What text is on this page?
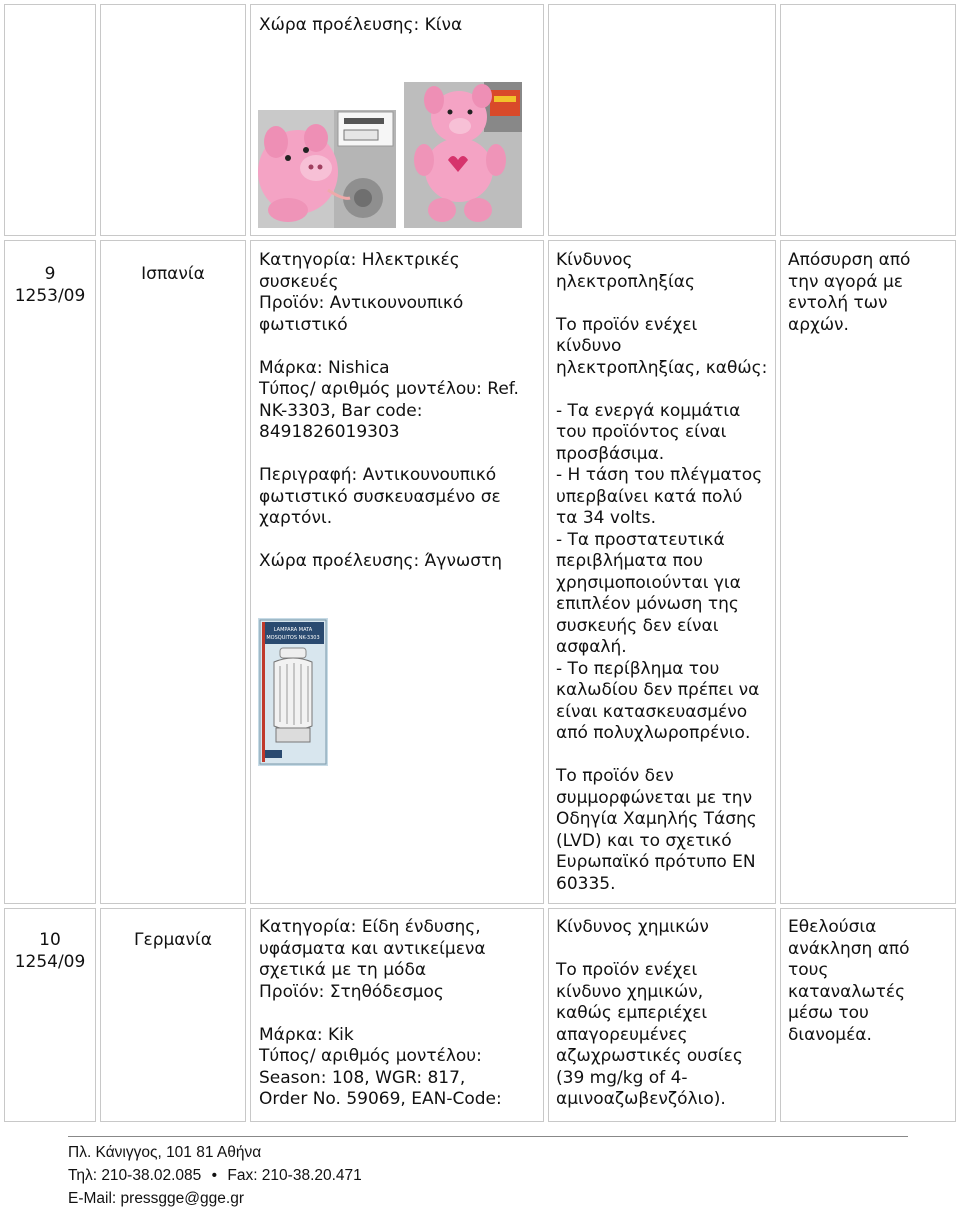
Χώρα προέλευσης: Κίνα
9
1253/09
Ισπανία
Κατηγορία: Ηλεκτρικές
συσκευές
Προϊόν: Αντικουνουπικό
φωτιστικό
Μάρκα: Nishica
Τύπος/ αριθμός μοντέλου: Ref.
NK-3303, Bar code:
8491826019303
Περιγραφή: Αντικουνουπικό
φωτιστικό συσκευασμένο σε
χαρτόνι.
Χώρα προέλευσης: Άγνωστη
LAMPARA MATA
MOSQUITOS NK-3303
Κίνδυνος
ηλεκτροπληξίας
Το προϊόν ενέχει
κίνδυνο
ηλεκτροπληξίας, καθώς:
- Τα ενεργά κομμάτια
του προϊόντος είναι
προσβάσιμα.
- Η τάση του πλέγματος
υπερβαίνει κατά πολύ
τα 34 volts.
- Τα προστατευτικά
περιβλήματα που
χρησιμοποιούνται για
επιπλέον μόνωση της
συσκευής δεν είναι
ασφαλή.
- Το περίβλημα του
καλωδίου δεν πρέπει να
είναι κατασκευασμένο
από πολυχλωροπρένιο.
Το προϊόν δεν
συμμορφώνεται με την
Οδηγία Χαμηλής Τάσης
(LVD) και το σχετικό
Ευρωπαϊκό πρότυπο EN
60335.
Απόσυρση από
την αγορά με
εντολή των
αρχών.
10
1254/09
Γερμανία
Κατηγορία: Είδη ένδυσης,
υφάσματα και αντικείμενα
σχετικά με τη μόδα
Προϊόν: Στηθόδεσμος
Μάρκα: Kik
Τύπος/ αριθμός μοντέλου:
Season: 108, WGR: 817,
Order No. 59069, EAN-Code:
Κίνδυνος χημικών
Το προϊόν ενέχει
κίνδυνο χημικών,
καθώς εμπεριέχει
απαγορευμένες
αζωχρωστικές ουσίες
(39 mg/kg of 4-
αμινοαζωβενζόλιο).
Εθελούσια
ανάκληση από
τους
καταναλωτές
μέσω του
διανομέα.
Πλ. Κάνιγγος, 101 81 Αθήνα
Τηλ: 210-38.02.085 • Fax: 210-38.20.471
E-Mail: pressgge@gge.gr
